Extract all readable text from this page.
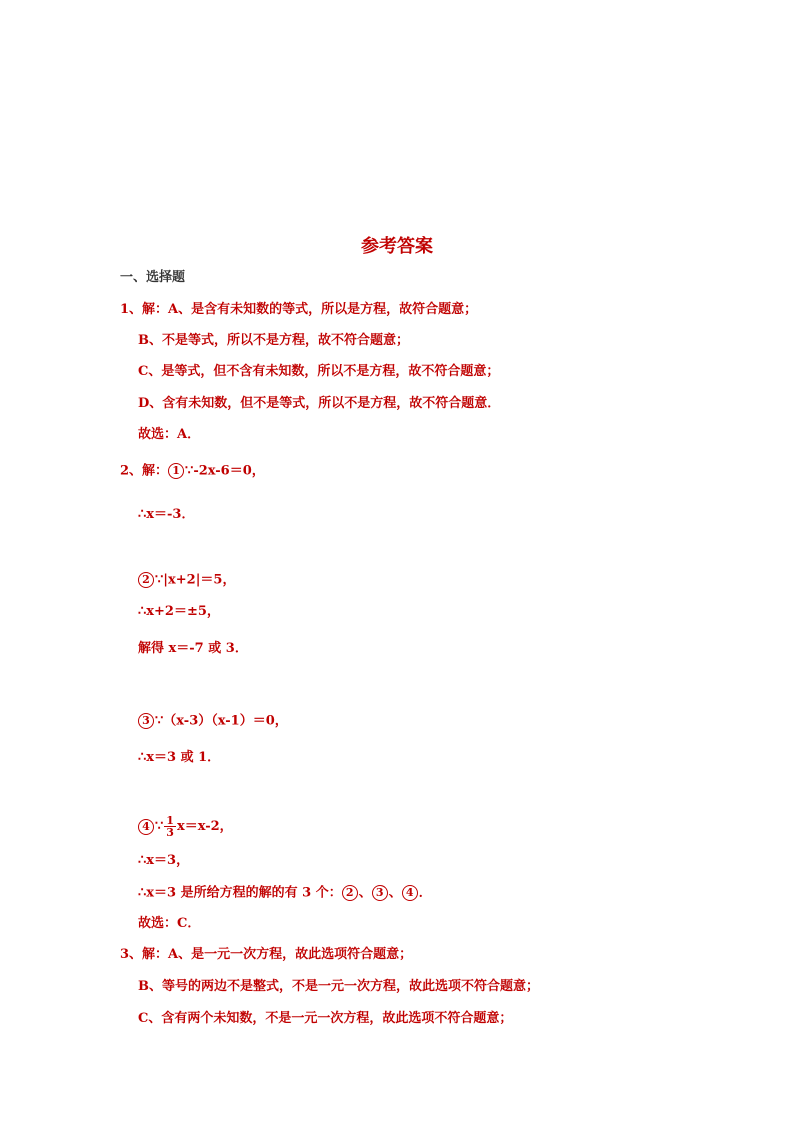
参考答案
一、选择题
1、解：A、是含有未知数的等式，所以是方程，故符合题意；
B、不是等式，所以不是方程，故不符合题意；
C、是等式，但不含有未知数，所以不是方程，故不符合题意；
D、含有未知数，但不是等式，所以不是方程，故不符合题意．
故选：A．
2、解： 1 ∵-2x-6＝0，
∴x＝-3．
2 ∵|x+2|＝5，
∴x+2＝±5，
解得 x＝-7 或 3．
3 ∵（x-3）（x-1）＝0，
∴x＝3 或 1．
4 ∵ $\frac{1}{3} x=x-2$，
∴x＝3，
∴x＝3 是所给方程的解的有 3 个： 2 、 3 、 4 ．
故选：C．
3、解：A、是一元一次方程，故此选项符合题意；
B、等号的两边不是整式，不是一元一次方程，故此选项不符合题意；
C、含有两个未知数，不是一元一次方程，故此选项不符合题意；
